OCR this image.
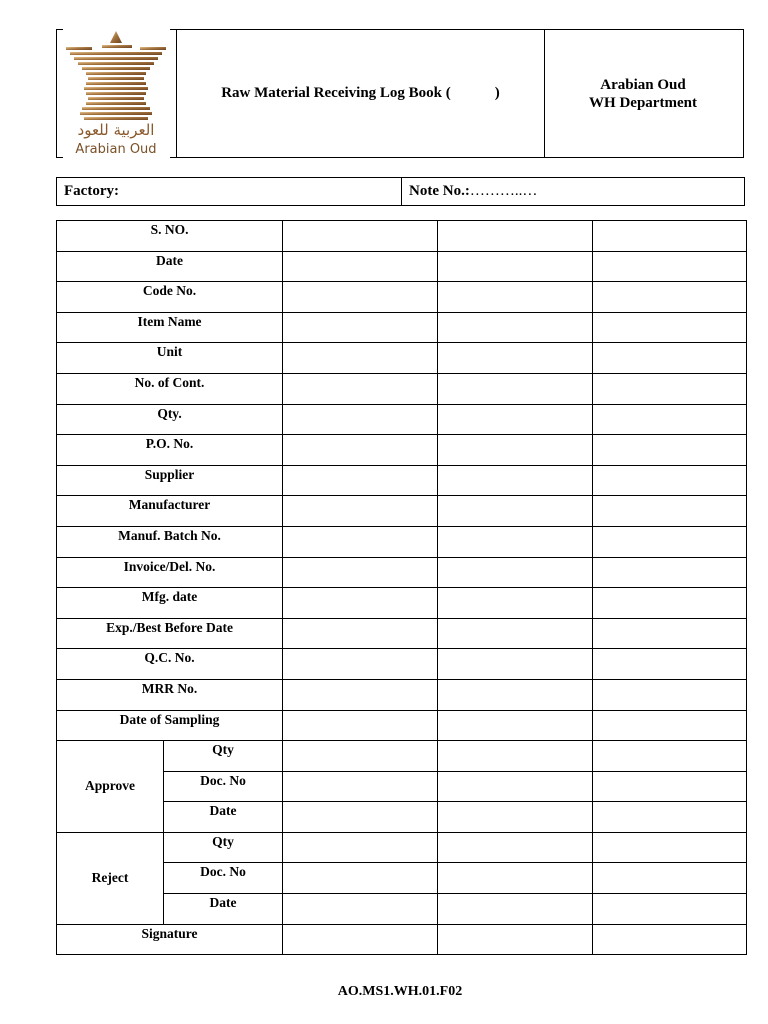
العربية للعود
Arabian Oud
Raw Material Receiving Log Book (	)
Arabian Oud
WH Department
Factory:	Note No.:………..…
S. NO.				
Date				
Code No.				
Item Name				
Unit				
No. of Cont.				
Qty.				
P.O. No.				
Supplier				
Manufacturer				
Manuf. Batch No.				
Invoice/Del. No.				
Mfg. date				
Exp./Best Before Date				
Q.C. No.				
MRR No.				
Date of Sampling				
Approve	Qty			
	Doc. No			
	Date			
Reject	Qty			
	Doc. No			
	Date			
Signature				
AO.MS1.WH.01.F02
